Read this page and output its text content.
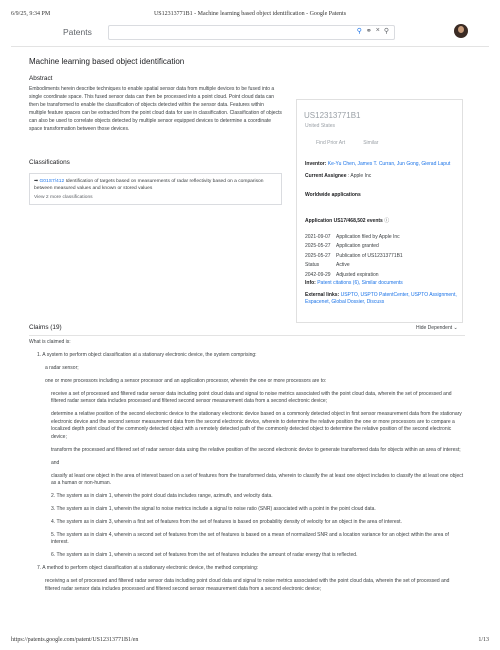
6/9/25, 9:34 PM	US12313771B1 - Machine learning based object identification - Google Patents
Patents	⚲ ⚭ × ⚲
Machine learning based object identification
Abstract
Embodiments herein describe techniques to enable spatial sensor data from multiple devices to be fused into a single coordinate space. This fused sensor data can then be processed into a point cloud. Point cloud data can then be transformed to enable the classification of objects detected within the sensor data. Features within multiple feature spaces can be extracted from the point cloud data for use in classification. Classification of objects can also be used to correlate objects detected by multiple sensor equipped devices to determine a coordinate space transformation between those devices.
Classifications
➡ G01S7/412 Identification of targets based on measurements of radar reflectivity based on a comparison between measured values and known or stored values
View 2 more classifications
US12313771B1
United States
Find Prior Art	Similar
Inventor: Ke-Yu Chen, James T. Curran, Jun Gong, Gierad Laput
Current Assignee : Apple Inc
Worldwide applications
Application US17/468,502 events ⓘ
2021-09-07	Application filed by Apple Inc
2025-05-27	Application granted
2025-05-27	Publication of US12313771B1
Status	Active
2042-09-29	Adjusted expiration
Info: Patent citations (6), Similar documents
External links: USPTO, USPTO PatentCenter, USPTO Assignment, Espacenet, Global Dossier, Discuss
Claims (19)	Hide Dependent ⌄

What is claimed is:

1. A system to perform object classification at a stationary electronic device, the system comprising:

a radar sensor;

one or more processors including a sensor processor and an application processor, wherein the one or more processors are to:

receive a set of processed and filtered radar sensor data including point cloud data and signal to noise metrics associated with the point cloud data, wherein the set of processed and filtered radar sensor data includes processed and filtered second sensor measurement data from a second electronic device;

determine a relative position of the second electronic device to the stationary electronic device based on a commonly detected object in first sensor measurement data from the stationary electronic device and the second sensor measurement data from the second electronic device, wherein to determine the relative position the one or more processors are to compare a localized depth point cloud of the commonly detected object with a remotely detected path of the commonly detected object to determine the relative position of the second electronic device;

transform the processed and filtered set of radar sensor data using the relative position of the second electronic device to generate transformed data for objects within an area of interest;

and

classify at least one object in the area of interest based on a set of features from the transformed data, wherein to classify the at least one object includes to classify the at least one object as a human or non-human.

2. The system as in claim 1, wherein the point cloud data includes range, azimuth, and velocity data.

3. The system as in claim 1, wherein the signal to noise metrics include a signal to noise ratio (SNR) associated with a point in the point cloud data.

4. The system as in claim 3, wherein a first set of features from the set of features is based on probability density of velocity for an object in the area of interest.

5. The system as in claim 4, wherein a second set of features from the set of features is based on a mean of normalized SNR and a location variance for an object within the area of interest.

6. The system as in claim 1, wherein a second set of features from the set of features includes the amount of radar energy that is reflected.

7. A method to perform object classification at a stationary electronic device, the method comprising:

receiving a set of processed and filtered radar sensor data including point cloud data and signal to noise metrics associated with the point cloud data, wherein the set of processed and filtered radar sensor data includes processed and filtered second sensor measurement data from a second electronic device;

https://patents.google.com/patent/US12313771B1/en	1/13
